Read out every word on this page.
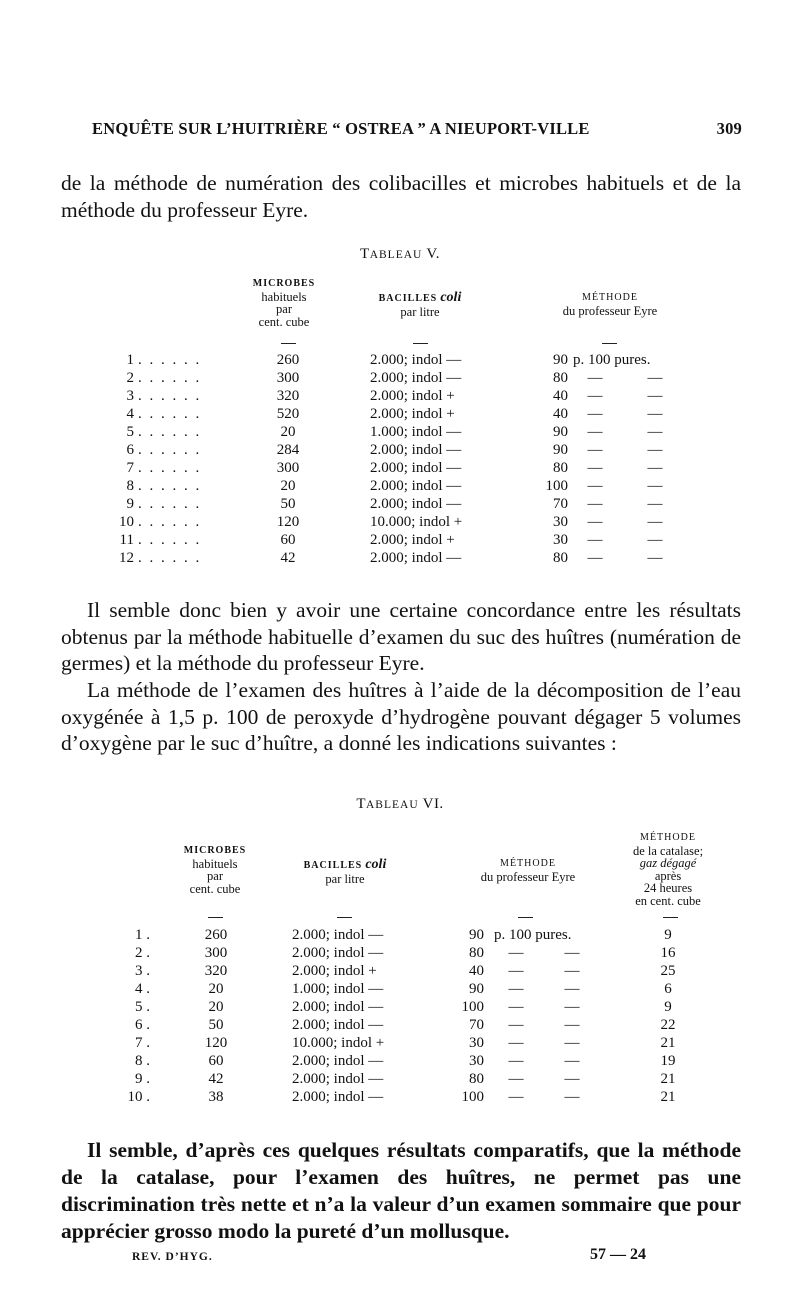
ENQUÊTE SUR L’HUITRIÈRE “ OSTREA ” A NIEUPORT-VILLE	309
de la méthode de numération des colibacilles et microbes habituels et de la méthode du professeur Eyre.
TABLEAU V.
MICROBES
habituels
par
cent. cube
BACILLES coli
par litre
MÉTHODE
du professeur Eyre
1 . . . . . .	260	2.000; indol —	90 p. 100 pures.
2 . . . . . .	300	2.000; indol —	80 —	—
3 . . . . . .	320	2.000; indol +	40 —	—
4 . . . . . .	520	2.000; indol +	40 —	—
5 . . . . . .	20	1.000; indol —	90 —	—
6 . . . . . .	284	2.000; indol —	90 —	—
7 . . . . . .	300	2.000; indol —	80 —	—
8 . . . . . .	20	2.000; indol —	100 —	—
9 . . . . . .	50	2.000; indol —	70 —	—
10 . . . . . .	120	10.000; indol +	30 —	—
11 . . . . . .	60	2.000; indol +	30 —	—
12 . . . . . .	42	2.000; indol —	80 —	—
Il semble donc bien y avoir une certaine concordance entre les résultats obtenus par la méthode habituelle d’examen du suc des huîtres (numération de germes) et la méthode du professeur Eyre.
La méthode de l’examen des huîtres à l’aide de la décomposition de l’eau oxygénée à 1,5 p. 100 de peroxyde d’hydrogène pouvant dégager 5 volumes d’oxygène par le suc d’huître, a donné les indications suivantes :
TABLEAU VI.
MICROBES
habituels
par
cent. cube
BACILLES coli
par litre
MÉTHODE
du professeur Eyre
MÉTHODE
de la catalase;
gaz dégagé
après
24 heures
en cent. cube
1 .	260	2.000; indol —	90 p. 100 pures.	9
2 .	300	2.000; indol —	80 —	—	16
3 .	320	2.000; indol +	40 —	—	25
4 .	20	1.000; indol —	90 —	—	6
5 .	20	2.000; indol —	100 —	—	9
6 .	50	2.000; indol —	70 —	—	22
7 .	120	10.000; indol +	30 —	—	21
8 .	60	2.000; indol —	30 —	—	19
9 .	42	2.000; indol —	80 —	—	21
10 .	38	2.000; indol —	100 —	—	21
Il semble, d’après ces quelques résultats comparatifs, que la méthode de la catalase, pour l’examen des huîtres, ne permet pas une discrimination très nette et n’a la valeur d’un examen sommaire que pour apprécier grosso modo la pureté d’un mollusque.
REV. D’HYG.	57 — 24
